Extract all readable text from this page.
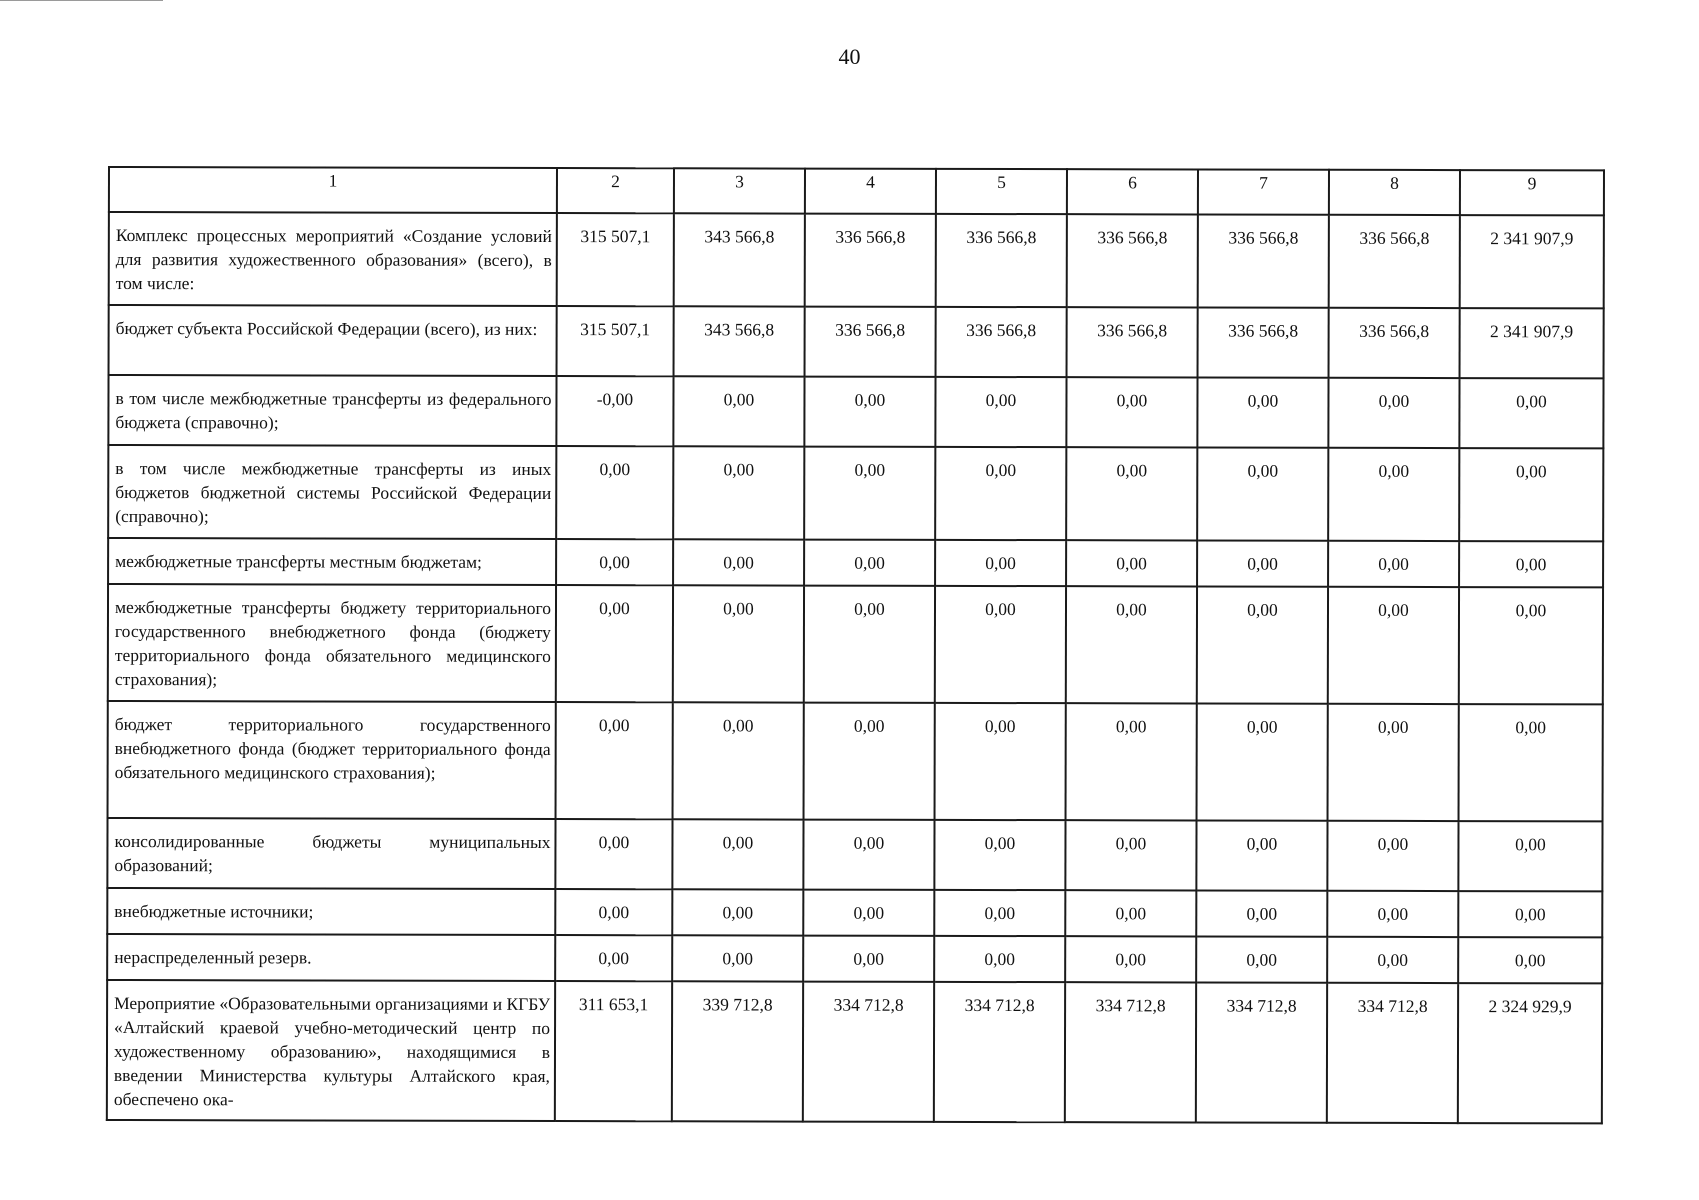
40
1	2	3	4	5	6	7	8	9
Комплекс процессных мероприятий «Создание условий для развития художественного образования» (всего), в том числе:	315 507,1	343 566,8	336 566,8	336 566,8	336 566,8	336 566,8	336 566,8	2 341 907,9
бюджет субъекта Российской Федерации (всего), из них:	315 507,1	343 566,8	336 566,8	336 566,8	336 566,8	336 566,8	336 566,8	2 341 907,9
в том числе межбюджетные трансферты из федерального бюджета (справочно);	-0,00	0,00	0,00	0,00	0,00	0,00	0,00	0,00
в том числе межбюджетные трансферты из иных бюджетов бюджетной системы Российской Федерации (справочно);	0,00	0,00	0,00	0,00	0,00	0,00	0,00	0,00
межбюджетные трансферты местным бюджетам;	0,00	0,00	0,00	0,00	0,00	0,00	0,00	0,00
межбюджетные трансферты бюджету территориального государственного внебюджетного фонда (бюджету территориального фонда обязательного медицинского страхования);	0,00	0,00	0,00	0,00	0,00	0,00	0,00	0,00
бюджет территориального государственного внебюджетного фонда (бюджет территориального фонда обязательного медицинского страхования);	0,00	0,00	0,00	0,00	0,00	0,00	0,00	0,00
консолидированные бюджеты муниципальных образований;	0,00	0,00	0,00	0,00	0,00	0,00	0,00	0,00
внебюджетные источники;	0,00	0,00	0,00	0,00	0,00	0,00	0,00	0,00
нераспределенный резерв.	0,00	0,00	0,00	0,00	0,00	0,00	0,00	0,00
Мероприятие «Образовательными организациями и КГБУ «Алтайский краевой учебно-методический центр по художественному образованию», находящимися в введении Министерства культуры Алтайского края, обеспечено ока-	311 653,1	339 712,8	334 712,8	334 712,8	334 712,8	334 712,8	334 712,8	2 324 929,9
